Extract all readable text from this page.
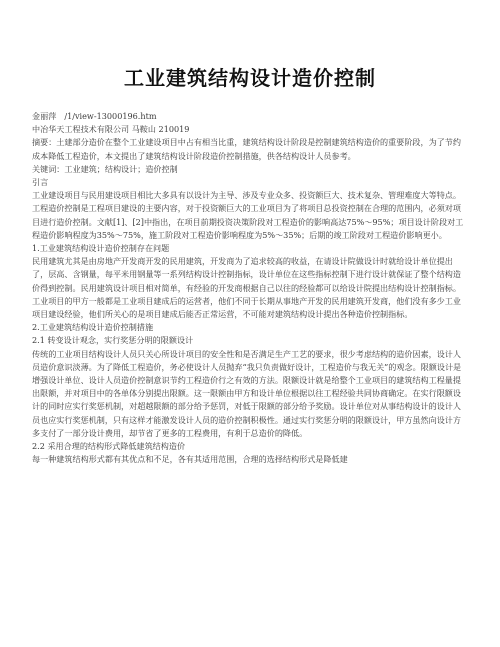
工业建筑结构设计造价控制

金丽萍　/1/view-13000196.htm

中冶华天工程技术有限公司 马鞍山 210019

摘要：土建部分造价在整个工业建设项目中占有相当比重，建筑结构设计阶段是控制建筑结构造价的重要阶段，为了节约成本降低工程造价，本文提出了建筑结构设计阶段造价控制措施，供各结构设计人员参考。

关键词：工业建筑；结构设计；造价控制

引言

工业建设项目与民用建设项目相比大多具有以设计为主导、涉及专业众多、投资额巨大、技术复杂、管理难度大等特点。工程造价控制是工程项目建设的主要内容，对于投资额巨大的工业项目为了将项目总投资控制在合理的范围内，必须对项目进行造价控制。文献[1]、[2]中指出，在项目前期投资决策阶段对工程造价的影响高达75%～95%；项目设计阶段对工程造价影响程度为35%～75%，施工阶段对工程造价影响程度为5%～35%；后期的竣工阶段对工程造价影响更小。

1.工业建筑结构设计造价控制存在问题

民用建筑尤其是由房地产开发商开发的民用建筑，开发商为了追求较高的收益，在请设计院做设计时就给设计单位提出了，层高、含钢量，每平米用钢量等一系列结构设计控制指标，设计单位在这些指标控制下进行设计就保证了整个结构造价得到控制。民用建筑设计项目相对简单，有经验的开发商根据自己以往的经验都可以给设计院提出结构设计控制指标。工业项目的甲方一般都是工业项目建成后的运营者，他们不同于长期从事地产开发的民用建筑开发商，他们没有多少工业项目建设经验，他们所关心的是项目建成后能否正常运营，不可能对建筑结构设计提出各种造价控制指标。

2.工业建筑结构设计造价控制措施

2.1 转变设计观念，实行奖惩分明的限额设计

传统的工业项目结构设计人员只关心所设计项目的安全性和是否满足生产工艺的要求，很少考虑结构的造价因素，设计人员造价意识淡薄。为了降低工程造价，务必使设计人员抛弃“我只负责做好设计，工程造价与我无关”的观念。限额设计是增强设计单位、设计人员造价控制意识节约工程造价行之有效的方法。限额设计就是给整个工业项目的建筑结构工程量提出限额，并对项目中的各单体分别提出限额。这一限额由甲方和设计单位根据以往工程经验共同协商确定。在实行限额设计的同时应实行奖惩机制，对超越限额的部分给予惩罚，对低于限额的部分给予奖励。设计单位对从事结构设计的设计人员也应实行奖惩机制，只有这样才能激发设计人员的造价控制积极性。通过实行奖惩分明的限额设计，甲方虽然向设计方多支付了一部分设计费用，却节省了更多的工程费用，有利于总造价的降低。

2.2 采用合理的结构形式降低建筑结构造价

每一种建筑结构形式都有其优点和不足，各有其适用范围，合理的选择结构形式是降低建
